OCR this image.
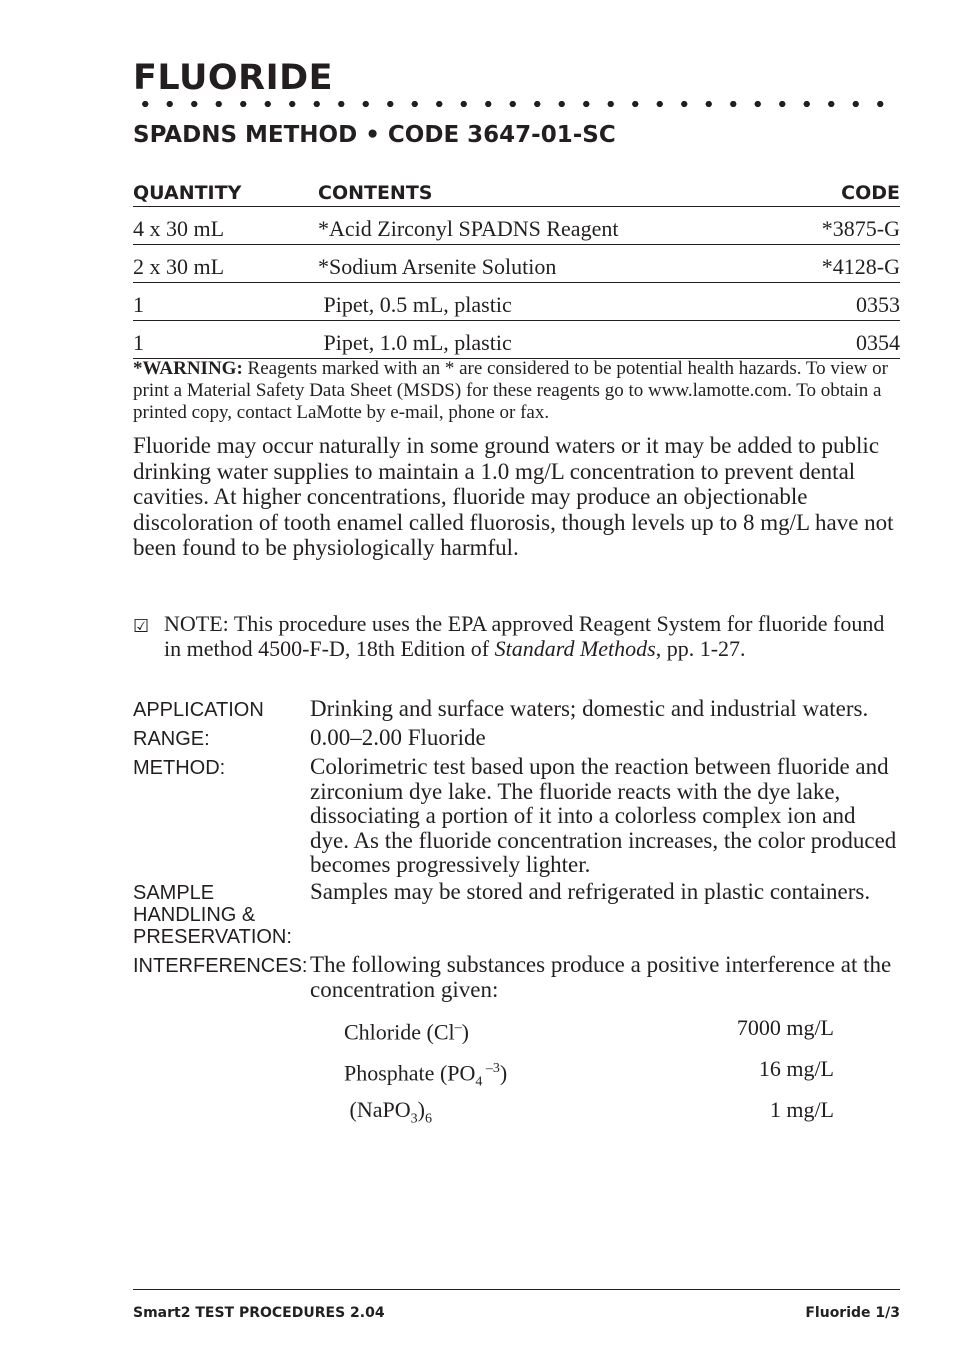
FLUORIDE
SPADNS METHOD • CODE 3647-01-SC
QUANTITY	CONTENTS	CODE
4 x 30 mL	*Acid Zirconyl SPADNS Reagent	*3875-G
2 x 30 mL	*Sodium Arsenite Solution	*4128-G
1	Pipet, 0.5 mL, plastic	0353
1	Pipet, 1.0 mL, plastic	0354

*WARNING: Reagents marked with an * are considered to be potential health hazards. To view or print a Material Safety Data Sheet (MSDS) for these reagents go to www.lamotte.com. To obtain a printed copy, contact LaMotte by e-mail, phone or fax.

Fluoride may occur naturally in some ground waters or it may be added to public drinking water supplies to maintain a 1.0 mg/L concentration to prevent dental cavities. At higher concentrations, fluoride may produce an objectionable discoloration of tooth enamel called fluorosis, though levels up to 8 mg/L have not been found to be physiologically harmful.

☑ NOTE: This procedure uses the EPA approved Reagent System for fluoride found in method 4500-F-D, 18th Edition of Standard Methods, pp. 1-27.
APPLICATION	Drinking and surface waters; domestic and industrial waters.
RANGE:	0.00–2.00 Fluoride
METHOD:	Colorimetric test based upon the reaction between fluoride and zirconium dye lake. The fluoride reacts with the dye lake, dissociating a portion of it into a colorless complex ion and dye. As the fluoride concentration increases, the color produced becomes progressively lighter.
SAMPLE HANDLING & PRESERVATION:
Samples may be stored and refrigerated in plastic containers.
INTERFERENCES: The following substances produce a positive interference at the concentration given:
Chloride (Cl–)	7000 mg/L
Phosphate ($PO_4$ $^{-3}$)	16 mg/L
$(NaPO_3)_6$	1 mg/L
Smart2 TEST PROCEDURES 2.04	Fluoride 1/3
